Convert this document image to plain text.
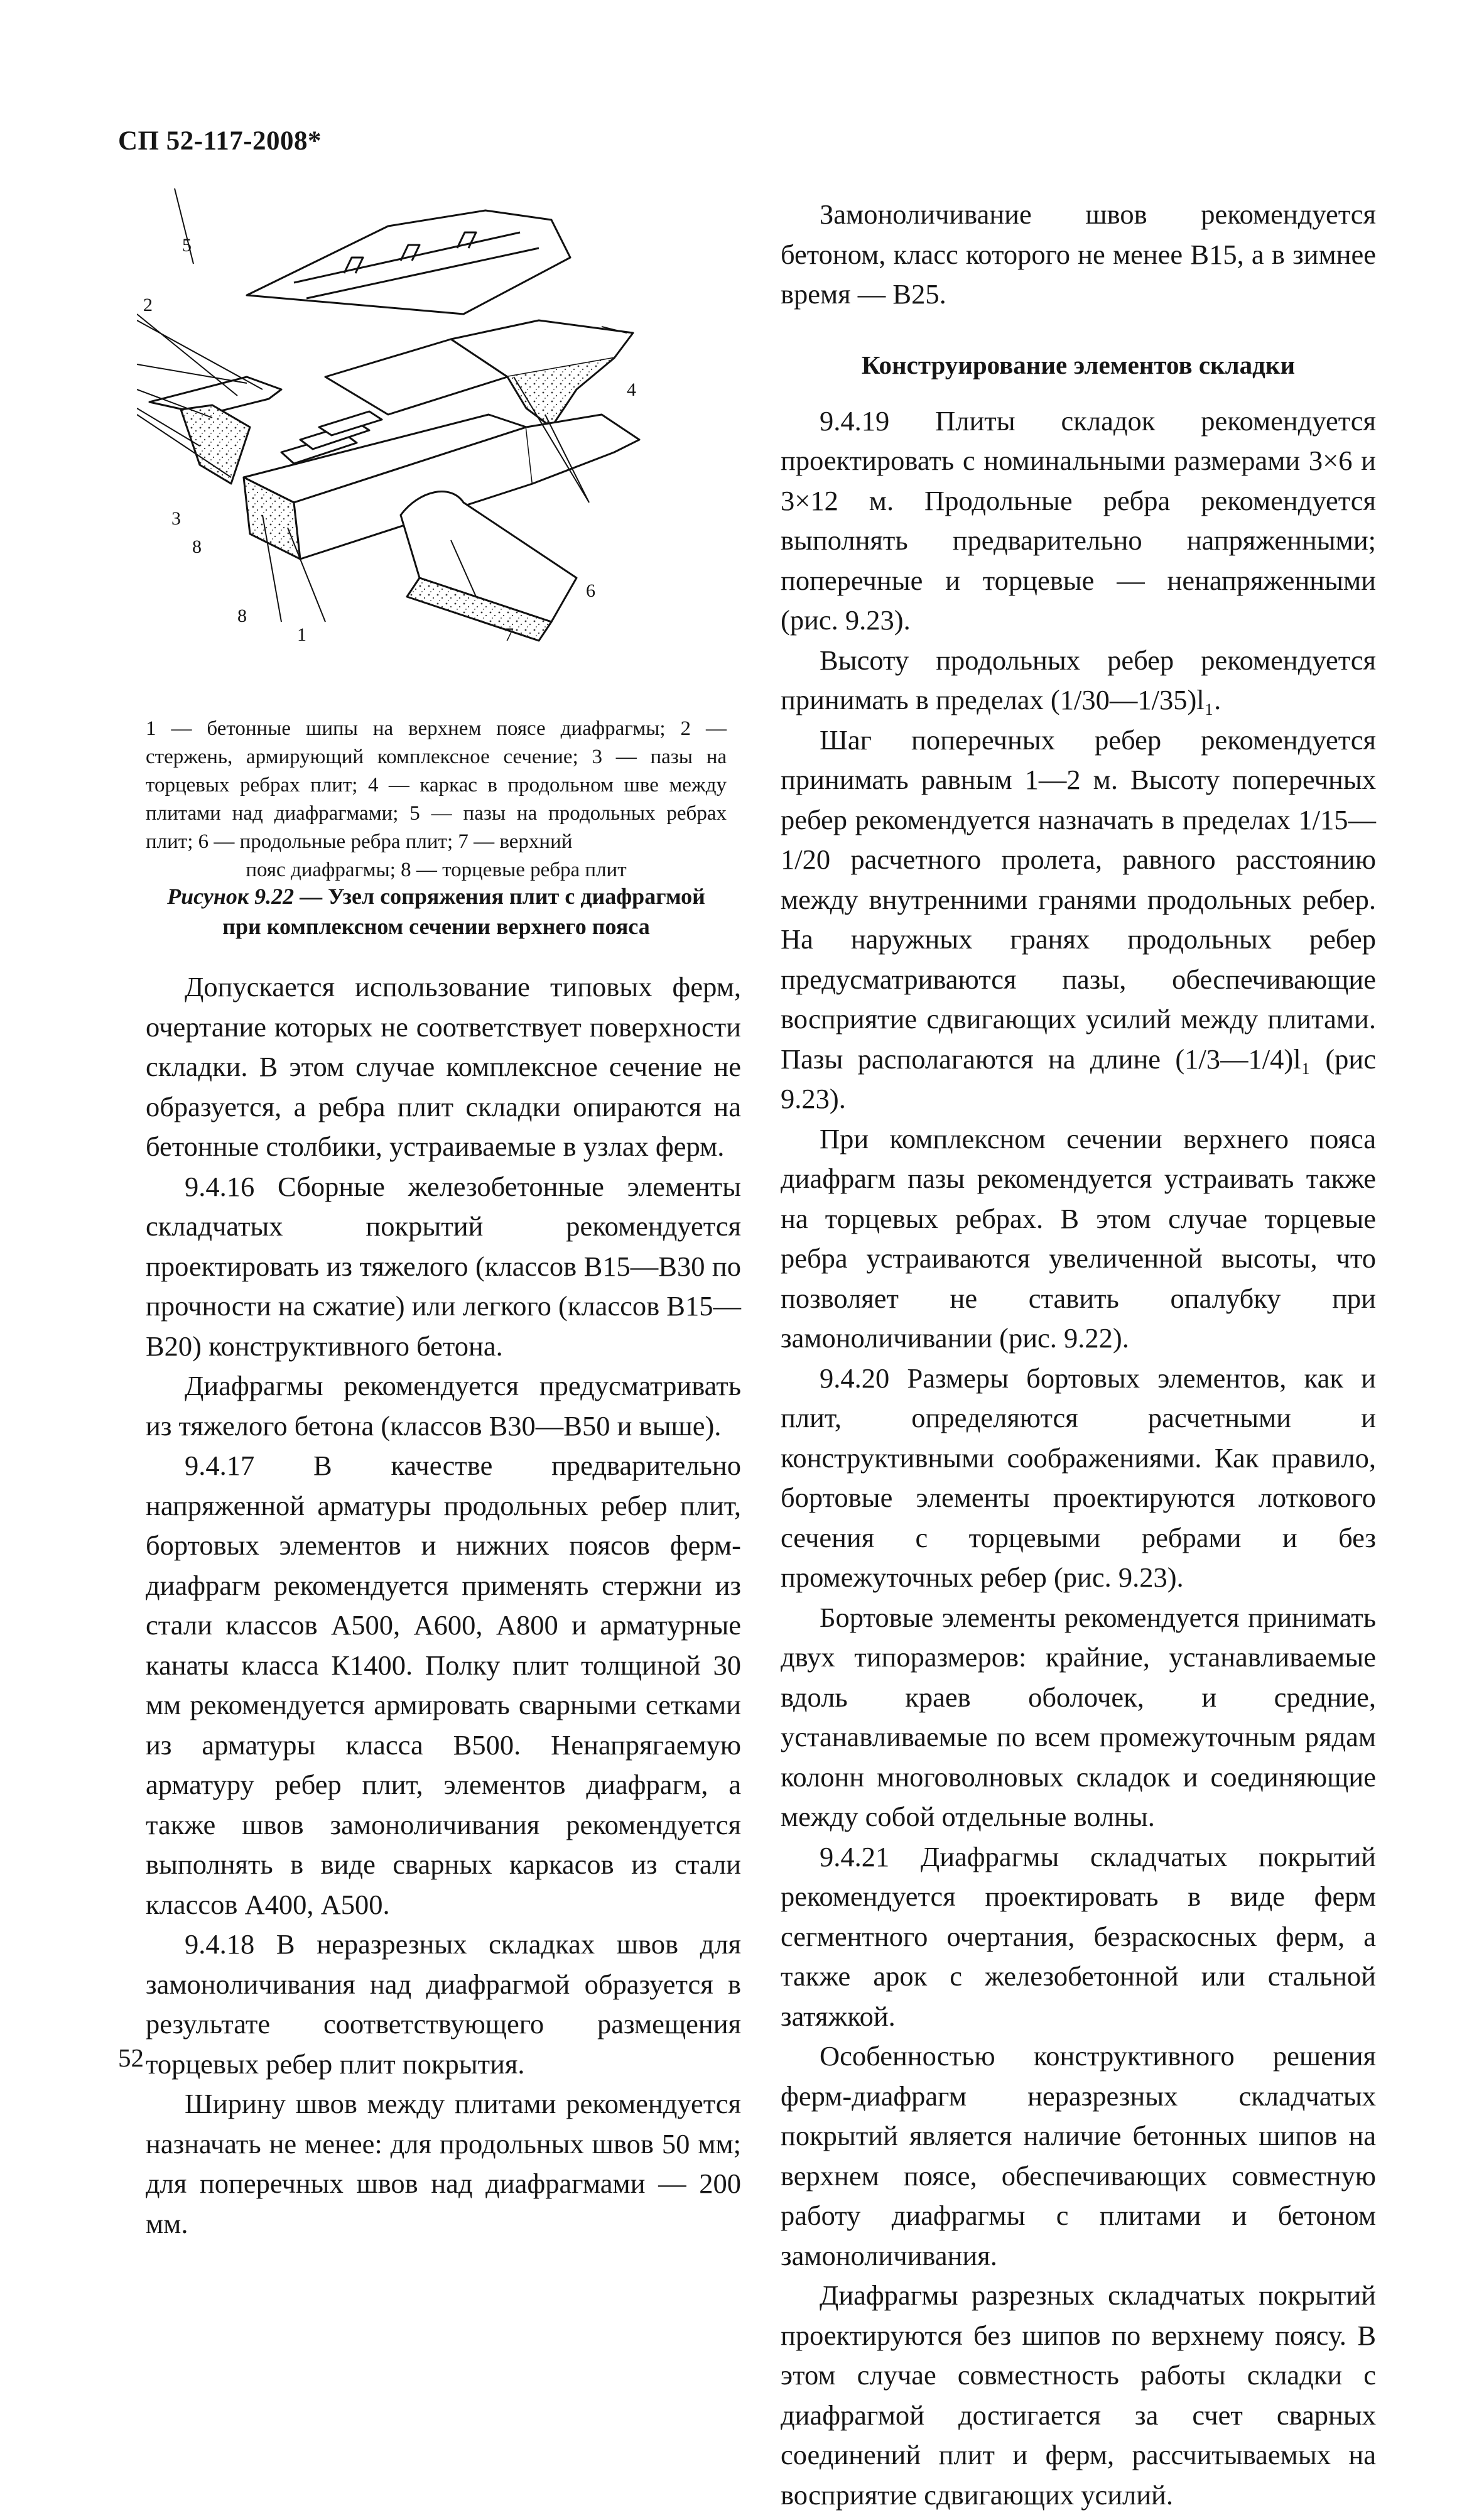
СП 52-117-2008*
5
2
4
3
8
6
8
1	7

1 — бетонные шипы на верхнем поясе диафрагмы; 2 — стержень, армирующий комплексное сечение; 3 — пазы на торцевых ребрах плит; 4 — каркас в продольном шве между плитами над диафрагмами; 5 — пазы на продольных ребрах плит; 6 — продольные ребра плит; 7 — верхний

пояс диафрагмы; 8 — торцевые ребра плит

Рисунок 9.22 — Узел сопряжения плит с диафрагмой при комплексном сечении верхнего пояса

Допускается использование типовых ферм, очертание которых не соответствует поверхности складки. В этом случае комплексное сечение не образуется, а ребра плит складки опираются на бетонные столбики, устраиваемые в узлах ферм.

9.4.16 Сборные железобетонные элементы складчатых покрытий рекомендуется проектировать из тяжелого (классов В15—В30 по прочности на сжатие) или легкого (классов В15—В20) конструктивного бетона.

Диафрагмы рекомендуется предусматривать из тяжелого бетона (классов В30—В50 и выше).

9.4.17 В качестве предварительно напряженной арматуры продольных ребер плит, бортовых элементов и нижних поясов ферм-диафрагм рекомендуется применять стержни из стали классов А500, А600, А800 и арматурные канаты класса К1400. Полку плит толщиной 30 мм рекомендуется армировать сварными сетками из арматуры класса В500. Ненапрягаемую арматуру ребер плит, элементов диафрагм, а также швов замоноличивания рекомендуется выполнять в виде сварных каркасов из стали классов А400, А500.

9.4.18 В неразрезных складках швов для замоноличивания над диафрагмой образуется в результате соответствующего размещения торцевых ребер плит покрытия.

Ширину швов между плитами рекомендуется назначать не менее: для продольных швов 50 мм; для поперечных швов над диафрагмами — 200 мм.

Замоноличивание швов рекомендуется бетоном, класс которого не менее В15, а в зимнее время — В25.

Конструирование элементов складки

9.4.19 Плиты складок рекомендуется проектировать с номинальными размерами 3×6 и 3×12 м. Продольные ребра рекомендуется выполнять предварительно напряженными; поперечные и торцевые — ненапряженными (рис. 9.23).

Высоту продольных ребер рекомендуется принимать в пределах (1/30—1/35)l₁.

Шаг поперечных ребер рекомендуется принимать равным 1—2 м. Высоту поперечных ребер рекомендуется назначать в пределах 1/15—1/20 расчетного пролета, равного расстоянию между внутренними гранями продольных ребер. На наружных гранях продольных ребер предусматриваются пазы, обеспечивающие восприятие сдвигающих усилий между плитами. Пазы располагаются на длине (1/3—1/4)l₁ (рис 9.23).

При комплексном сечении верхнего пояса диафрагм пазы рекомендуется устраивать также на торцевых ребрах. В этом случае торцевые ребра устраиваются увеличенной высоты, что позволяет не ставить опалубку при замоноличивании (рис. 9.22).

9.4.20 Размеры бортовых элементов, как и плит, определяются расчетными и конструктивными соображениями. Как правило, бортовые элементы проектируются лоткового сечения с торцевыми ребрами и без промежуточных ребер (рис. 9.23).

Бортовые элементы рекомендуется принимать двух типоразмеров: крайние, устанавливаемые вдоль краев оболочек, и средние, устанавливаемые по всем промежуточным рядам колонн многоволновых складок и соединяющие между собой отдельные волны.

9.4.21 Диафрагмы складчатых покрытий рекомендуется проектировать в виде ферм сегментного очертания, безраскосных ферм, а также арок с железобетонной или стальной затяжкой.

Особенностью конструктивного решения ферм-диафрагм неразрезных складчатых покрытий является наличие бетонных шипов на верхнем поясе, обеспечивающих совместную работу диафрагмы с плитами и бетоном замоноличивания.

Диафрагмы разрезных складчатых покрытий проектируются без шипов по верхнему поясу. В этом случае совместность работы складки с диафрагмой достигается за счет сварных соединений плит и ферм, рассчитываемых на восприятие сдвигающих усилий.

52
